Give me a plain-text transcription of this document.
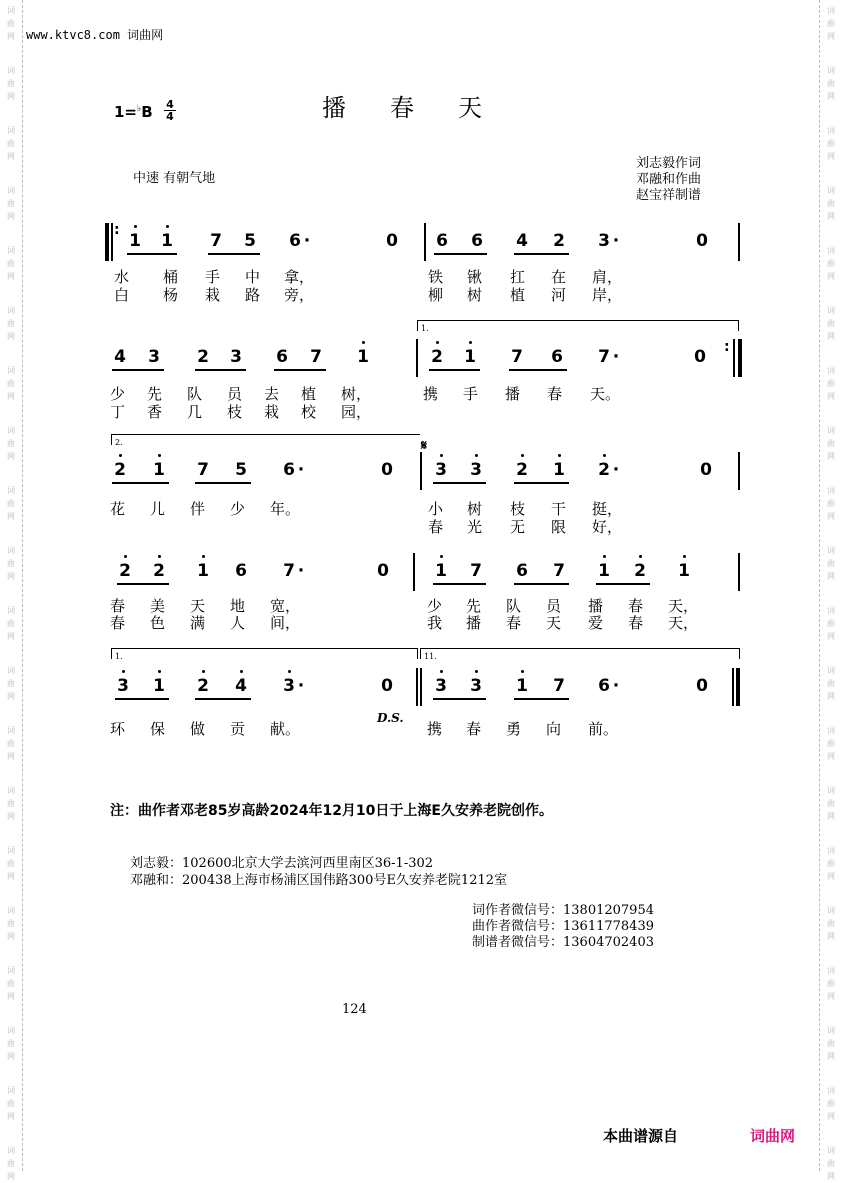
词
曲
网
词
曲
网
词
曲
网
词
曲
网
词
曲
网
词
曲
网
词
曲
网
词
曲
网
词
曲
网
词
曲
网
词
曲
网
词
曲
网
词
曲
网
词
曲
网
词
曲
网
词
曲
网
词
曲
网
词
曲
网
词
曲
网
词
曲
网
词
曲
网
词
曲
网
词
曲
网
词
曲
网
词
曲
网
词
曲
网
词
曲
网
词
曲
网
词
曲
网
词
曲
网
词
曲
网
词
曲
网
词
曲
网
词
曲
网
词
曲
网
词
曲
网
词
曲
网
词
曲
网
词
曲
网
词
曲
网
www.ktvc8.com 词曲网
1=♭B 4
4	播春天
中速 有朝气地
刘志毅作词
邓融和作曲
赵宝祥制谱
1 1 7 5 6 ·	0 6 6 4 2 3 ·	0
水 桶 手 中 拿，	铁 锹 扛 在 肩，
白 杨 栽 路 旁，	柳 树 植 河 岸，
4 3 2 3 6 7 1	2 1 7 6 7 ·	0
少 先 队 员 去 植 树，	携 手 播 春 天。
丁 香 几 枝 栽 校 园，
2 1 7 5 6 ·	0 3 3 2 1 2 ·	0
花 儿 伴 少 年。	小 树 枝 干 挺，
春 光 无 限 好，
2 2 1 6 7 ·	0	1 7 6 7 1 2 1
春 美 天 地 宽，	少 先 队 员 播 春 天，
春 色 满 人 间，	我 播 春 天 爱 春 天，
3 1 2 4 3 ·	0 3 3 1 7 6 ·	0
环 保 做 贡 献。	携 春 勇 向 前。
:
:
1.
2.
1.	11.
𝄋
D.S.
注：曲作者邓老85岁高龄2024年12月10日于上海E久安养老院创作。
刘志毅：102600北京大学去滨河西里南区36-1-302
邓融和：200438上海市杨浦区国伟路300号E久安养老院1212室
词作者微信号：13801207954
曲作者微信号：13611778439
制谱者微信号：13604702403
124
本曲谱源自	词曲网
